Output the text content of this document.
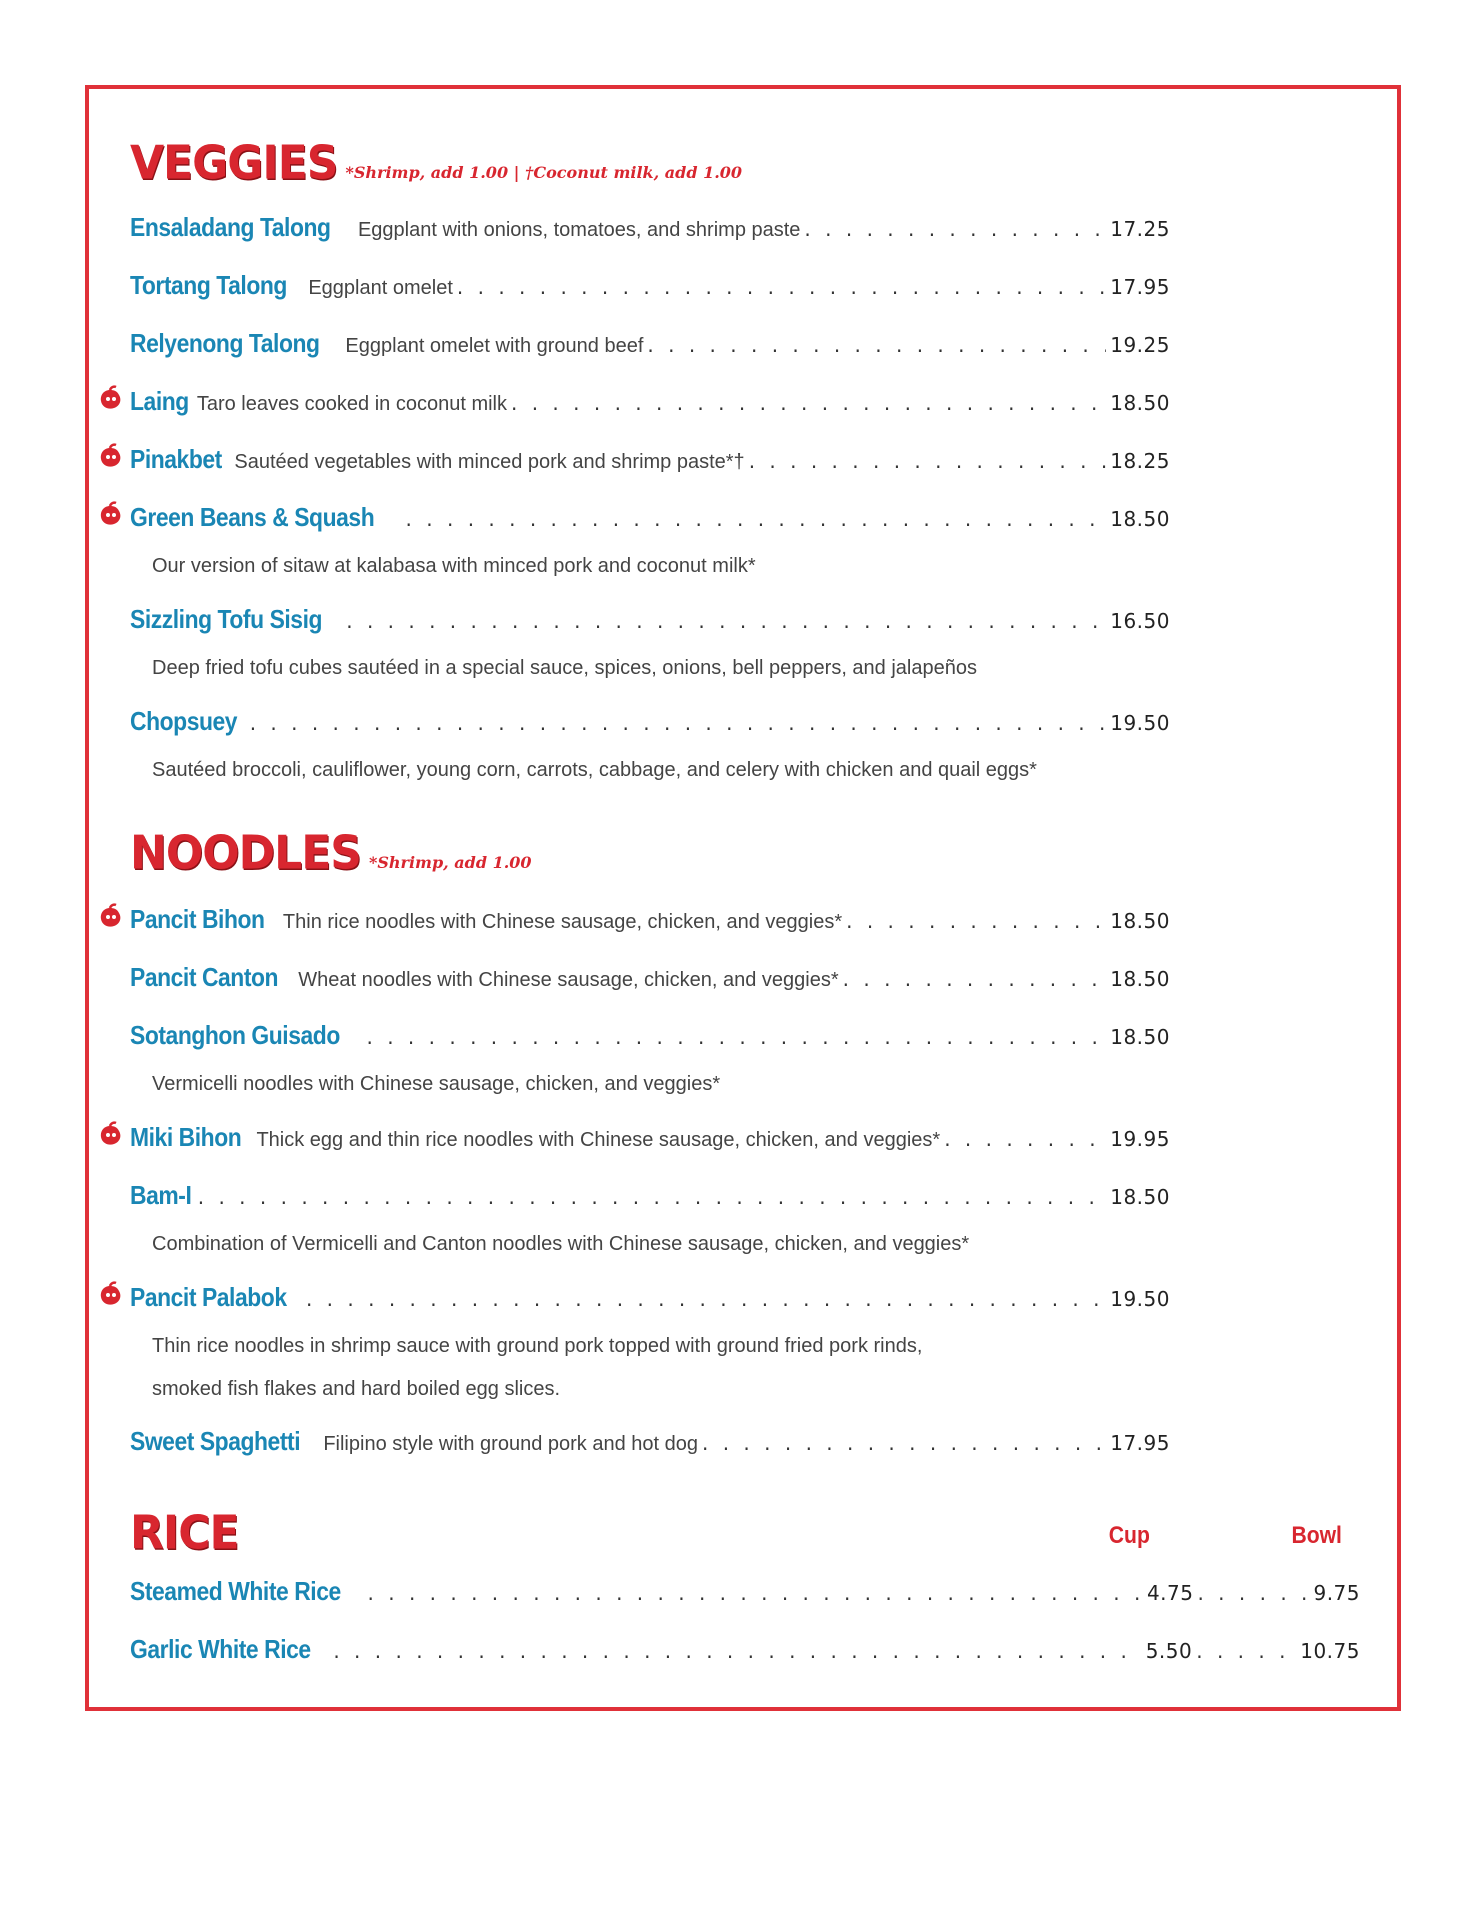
VEGGIES *Shrimp, add 1.00 | †Coconut milk, add 1.00
Ensaladang Talong Eggplant with onions, tomatoes, and shrimp paste . . .	17.25
Tortang Talong Eggplant omelet . . .	17.95
Relyenong Talong Eggplant omelet with ground beef . . .	19.25
Laing Taro leaves cooked in coconut milk . . .	18.50
Pinakbet Sautéed vegetables with minced pork and shrimp paste*† . . .	18.25
Green Beans & Squash . . .	18.50
Our version of sitaw at kalabasa with minced pork and coconut milk*
Sizzling Tofu Sisig . . .	16.50
Deep fried tofu cubes sautéed in a special sauce, spices, onions, bell peppers, and jalapeños
Chopsuey . . .	19.50
Sautéed broccoli, cauliflower, young corn, carrots, cabbage, and celery with chicken and quail eggs*
NOODLES *Shrimp, add 1.00
Pancit Bihon Thin rice noodles with Chinese sausage, chicken, and veggies* . . .	18.50
Pancit Canton Wheat noodles with Chinese sausage, chicken, and veggies* . . .	18.50
Sotanghon Guisado . . .	18.50
Vermicelli noodles with Chinese sausage, chicken, and veggies*
Miki Bihon Thick egg and thin rice noodles with Chinese sausage, chicken, and veggies* . . .	19.95
Bam-I . . .	18.50
Combination of Vermicelli and Canton noodles with Chinese sausage, chicken, and veggies*
Pancit Palabok . . .	19.50
Thin rice noodles in shrimp sauce with ground pork topped with ground fried pork rinds,
smoked fish flakes and hard boiled egg slices.
Sweet Spaghetti Filipino style with ground pork and hot dog . . .	17.95
RICE	Cup	Bowl
Steamed White Rice . . .	4.75 . . .	9.75
Garlic White Rice . . .	5.50 . . .	10.75
